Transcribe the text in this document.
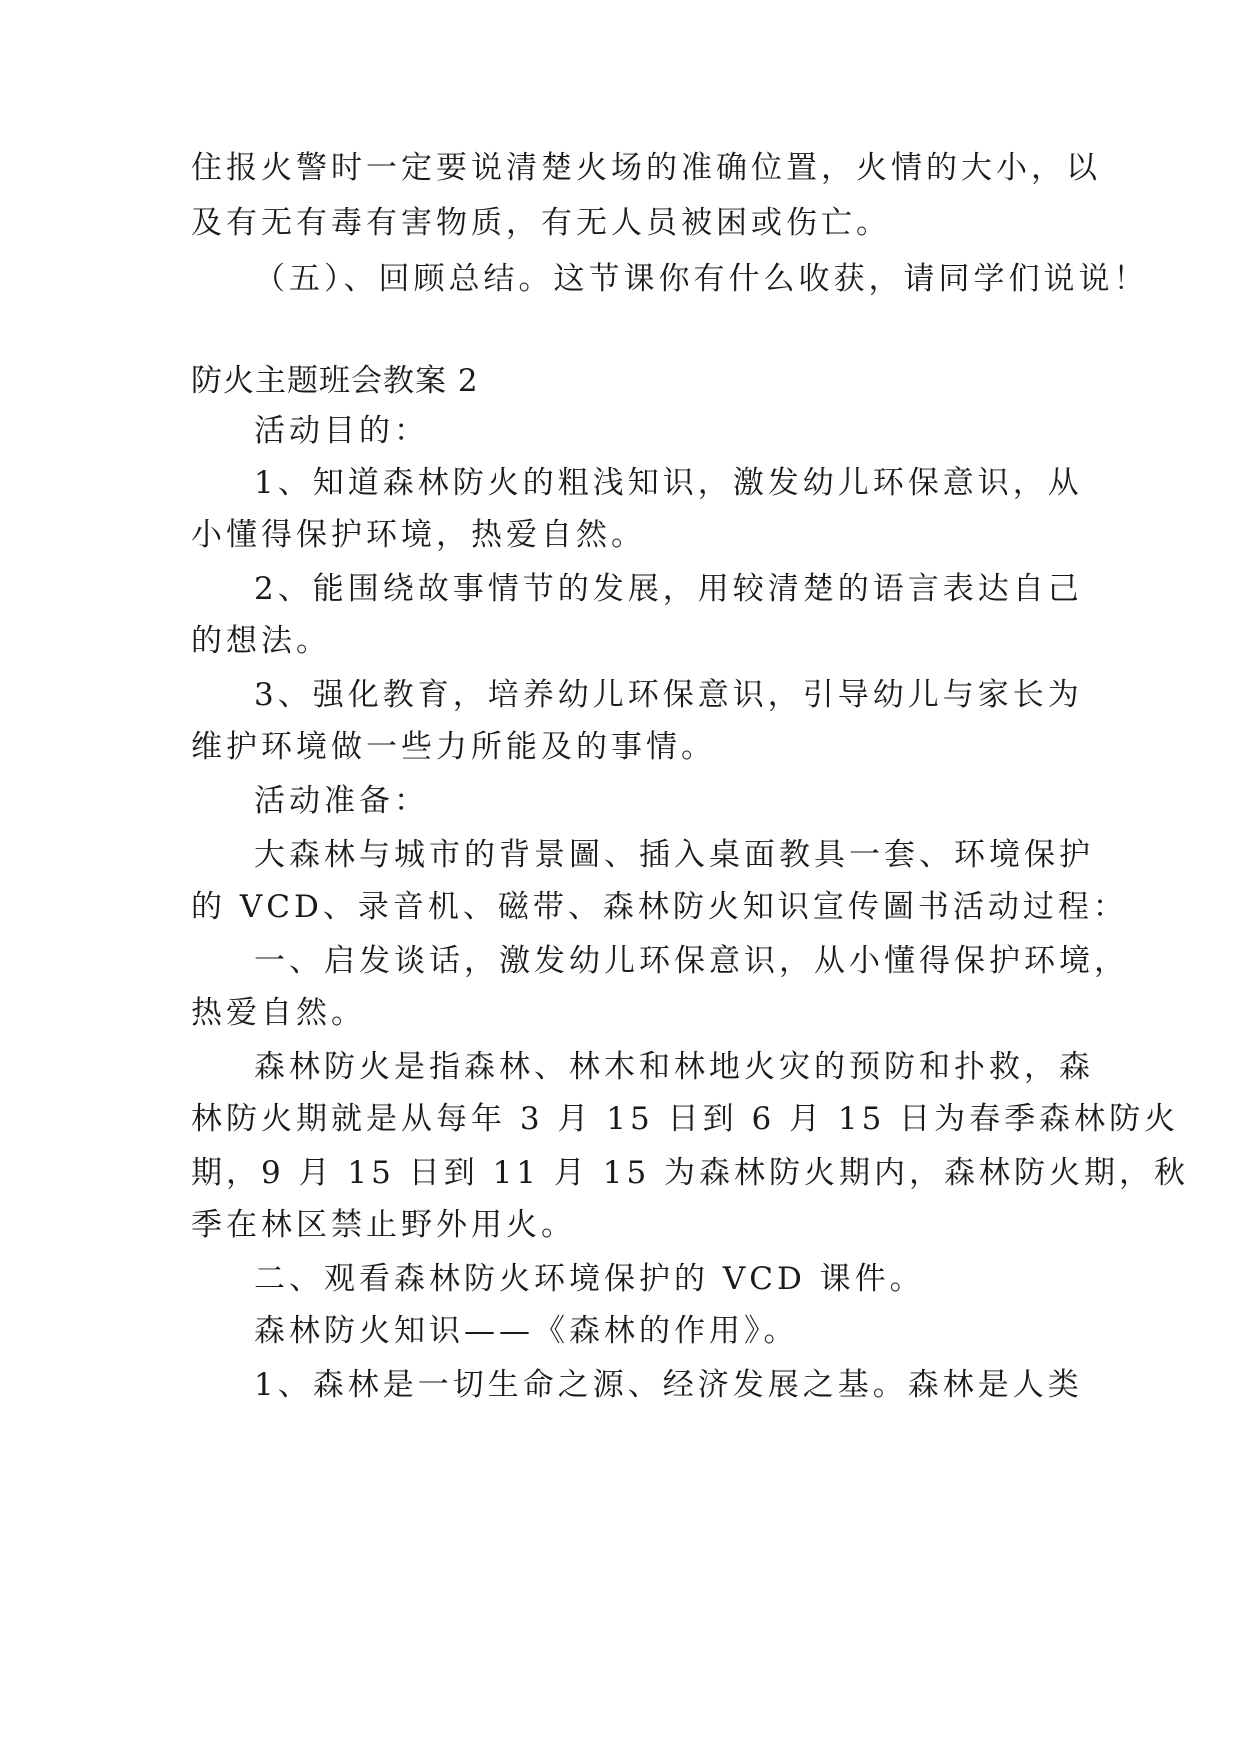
住报火警时一定要说清楚火场的准确位置，火情的大小，以
及有无有毒有害物质，有无人员被困或伤亡。
（五）、回顾总结。这节课你有什么收获，请同学们说说！
防火主题班会教案 2
活动目的：
1、知道森林防火的粗浅知识，激发幼儿环保意识，从
小懂得保护环境，热爱自然。
2、能围绕故事情节的发展，用较清楚的语言表达自己
的想法。
3、强化教育，培养幼儿环保意识，引导幼儿与家长为
维护环境做一些力所能及的事情。
活动准备：
大森林与城市的背景圖、插入桌面教具一套、环境保护
的 VCD、录音机、磁带、森林防火知识宣传圖书活动过程：
一、启发谈话，激发幼儿环保意识，从小懂得保护环境，
热爱自然。
森林防火是指森林、林木和林地火灾的预防和扑救，森
林防火期就是从每年 3 月 15 日到 6 月 15 日为春季森林防火
期，9 月 15 日到 11 月 15 为森林防火期内，森林防火期，秋
季在林区禁止野外用火。
二、观看森林防火环境保护的 VCD 课件。
森林防火知识——《森林的作用》。
1、森林是一切生命之源、经济发展之基。森林是人类
